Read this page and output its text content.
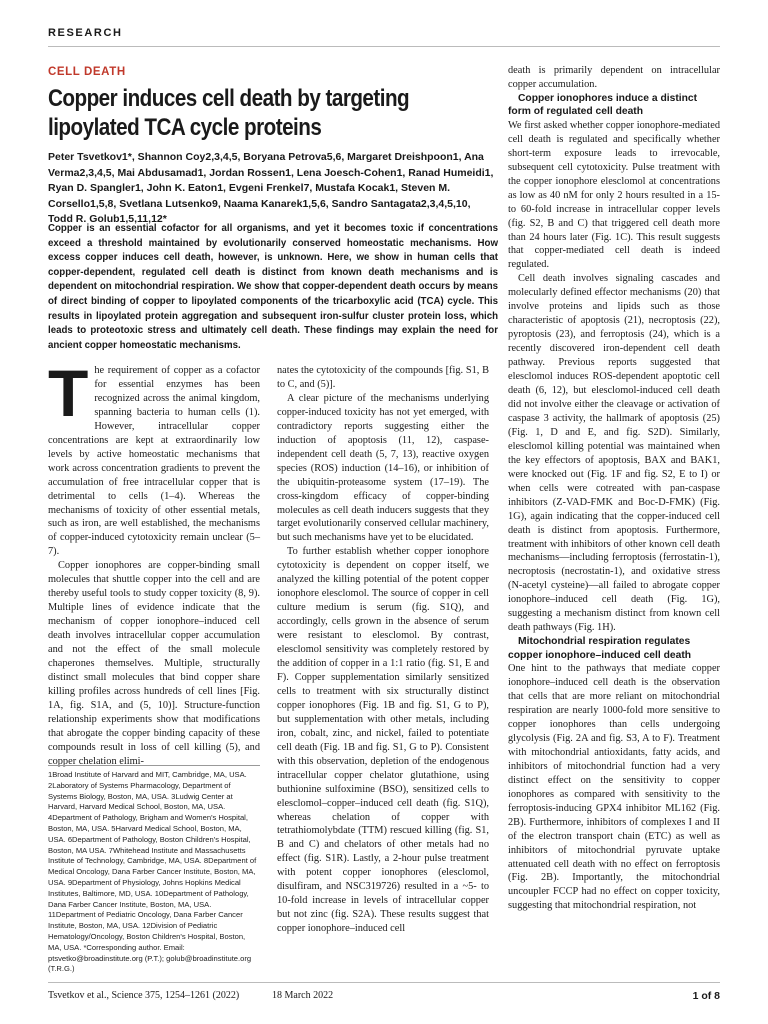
RESEARCH
CELL DEATH
Copper induces cell death by targeting lipoylated TCA cycle proteins
Peter Tsvetkov1*, Shannon Coy2,3,4,5, Boryana Petrova5,6, Margaret Dreishpoon1, Ana Verma2,3,4,5, Mai Abdusamad1, Jordan Rossen1, Lena Joesch-Cohen1, Ranad Humeidi1, Ryan D. Spangler1, John K. Eaton1, Evgeni Frenkel7, Mustafa Kocak1, Steven M. Corsello1,5,8, Svetlana Lutsenko9, Naama Kanarek1,5,6, Sandro Santagata2,3,4,5,10, Todd R. Golub1,5,11,12*
Copper is an essential cofactor for all organisms, and yet it becomes toxic if concentrations exceed a threshold maintained by evolutionarily conserved homeostatic mechanisms. How excess copper induces cell death, however, is unknown. Here, we show in human cells that copper-dependent, regulated cell death is distinct from known death mechanisms and is dependent on mitochondrial respiration. We show that copper-dependent death occurs by means of direct binding of copper to lipoylated components of the tricarboxylic acid (TCA) cycle. This results in lipoylated protein aggregation and subsequent iron-sulfur cluster protein loss, which leads to proteotoxic stress and ultimately cell death. These findings may explain the need for ancient copper homeostatic mechanisms.
T he requirement of copper as a cofactor for essential enzymes has been recognized across the animal kingdom, spanning bacteria to human cells (1). However, intracellular copper concentrations are kept at extraordinarily low levels by active homeostatic mechanisms that work across concentration gradients to prevent the accumulation of free intracellular copper that is detrimental to cells (1–4). Whereas the mechanisms of toxicity of other essential metals, such as iron, are well established, the mechanisms of copper-induced cytotoxicity remain unclear (5–7).

Copper ionophores are copper-binding small molecules that shuttle copper into the cell and are thereby useful tools to study copper toxicity (8, 9). Multiple lines of evidence indicate that the mechanism of copper ionophore–induced cell death involves intracellular copper accumulation and not the effect of the small molecule chaperones themselves. Multiple, structurally distinct small molecules that bind copper share killing profiles across hundreds of cell lines [Fig. 1A, fig. S1A, and (5, 10)]. Structure-function relationship experiments show that modifications that abrogate the copper binding capacity of these compounds result in loss of cell killing (5), and copper chelation elimi-

1Broad Institute of Harvard and MIT, Cambridge, MA, USA. 2Laboratory of Systems Pharmacology, Department of Systems Biology, Boston, MA, USA. 3Ludwig Center at Harvard, Harvard Medical School, Boston, MA, USA. 4Department of Pathology, Brigham and Women's Hospital, Boston, MA, USA. 5Harvard Medical School, Boston, MA, USA. 6Department of Pathology, Boston Children's Hospital, Boston, MA USA. 7Whitehead Institute and Massachusetts Institute of Technology, Cambridge, MA, USA. 8Department of Medical Oncology, Dana Farber Cancer Institute, Boston, MA, USA. 9Department of Physiology, Johns Hopkins Medical Institutes, Baltimore, MD, USA. 10Department of Pathology, Dana Farber Cancer Institute, Boston, MA, USA. 11Department of Pediatric Oncology, Dana Farber Cancer Institute, Boston, MA, USA. 12Division of Pediatric Hematology/Oncology, Boston Children's Hospital, Boston, MA, USA. *Corresponding author. Email: ptsvetko@broadinstitute.org (P.T.); golub@broadinstitute.org (T.R.G.)

nates the cytotoxicity of the compounds [fig. S1, B to C, and (5)].

A clear picture of the mechanisms underlying copper-induced toxicity has not yet emerged, with contradictory reports suggesting either the induction of apoptosis (11, 12), caspase-independent cell death (5, 7, 13), reactive oxygen species (ROS) induction (14–16), or inhibition of the ubiquitin-proteasome system (17–19). The cross-kingdom efficacy of copper-binding molecules as cell death inducers suggests that they target evolutionarily conserved cellular machinery, but such mechanisms have yet to be elucidated.

To further establish whether copper ionophore cytotoxicity is dependent on copper itself, we analyzed the killing potential of the potent copper ionophore elesclomol. The source of copper in cell culture medium is serum (fig. S1Q), and accordingly, cells grown in the absence of serum were resistant to elesclomol. By contrast, elesclomol sensitivity was completely restored by the addition of copper in a 1:1 ratio (fig. S1, E and F). Copper supplementation similarly sensitized cells to treatment with six structurally distinct copper ionophores (Fig. 1B and fig. S1, G to P), but supplementation with other metals, including iron, cobalt, zinc, and nickel, failed to potentiate cell death (Fig. 1B and fig. S1, G to P). Consistent with this observation, depletion of the endogenous intracellular copper chelator glutathione, using buthionine sulfoximine (BSO), sensitized cells to elesclomol–copper–induced cell death (fig. S1Q), whereas chelation of copper with tetrathiomolybdate (TTM) rescued killing (fig. S1, B and C) and chelators of other metals had no effect (fig. S1R). Lastly, a 2-hour pulse treatment with potent copper ionophores (elesclomol, disulfiram, and NSC319726) resulted in a ~5- to 10-fold increase in levels of intracellular copper but not zinc (fig. S2A). These results suggest that copper ionophore–induced cell

death is primarily dependent on intracellular copper accumulation.

Copper ionophores induce a distinct form of regulated cell death

We first asked whether copper ionophore-mediated cell death is regulated and specifically whether short-term exposure leads to irrevocable, subsequent cell cytotoxicity. Pulse treatment with the copper ionophore elesclomol at concentrations as low as 40 nM for only 2 hours resulted in a 15- to 60-fold increase in intracellular copper levels (fig. S2, B and C) that triggered cell death more than 24 hours later (Fig. 1C). This result suggests that copper-mediated cell death is indeed regulated.

Cell death involves signaling cascades and molecularly defined effector mechanisms (20) that involve proteins and lipids such as those characteristic of apoptosis (21), necroptosis (22), pyroptosis (23), and ferroptosis (24), which is a recently discovered iron-dependent cell death pathway. Previous reports suggested that elesclomol induces ROS-dependent apoptotic cell death (6, 12), but elesclomol-induced cell death did not involve either the cleavage or activation of caspase 3 activity, the hallmark of apoptosis (25) (Fig. 1, D and E, and fig. S2D). Similarly, elesclomol killing potential was maintained when the key effectors of apoptosis, BAX and BAK1, were knocked out (Fig. 1F and fig. S2, E to I) or when cells were cotreated with pan-caspase inhibitors (Z-VAD-FMK and Boc-D-FMK) (Fig. 1G), again indicating that the copper-induced cell death is distinct from apoptosis. Furthermore, treatment with inhibitors of other known cell death mechanisms—including ferroptosis (ferrostatin-1), necroptosis (necrostatin-1), and oxidative stress (N-acetyl cysteine)—all failed to abrogate copper ionophore–induced cell death (Fig. 1G), suggesting a mechanism distinct from known cell death pathways (Fig. 1H).

Mitochondrial respiration regulates copper ionophore–induced cell death

One hint to the pathways that mediate copper ionophore–induced cell death is the observation that cells that are more reliant on mitochondrial respiration are nearly 1000-fold more sensitive to copper ionophores than cells undergoing glycolysis (Fig. 2A and fig. S3, A to F). Treatment with mitochondrial antioxidants, fatty acids, and inhibitors of mitochondrial function had a very distinct effect on the sensitivity to copper ionophores as compared with sensitivity to the ferroptosis-inducing GPX4 inhibitor ML162 (Fig. 2B). Furthermore, inhibitors of complexes I and II of the electron transport chain (ETC) as well as inhibitors of mitochondrial pyruvate uptake attenuated cell death with no effect on ferroptosis (Fig. 2B). Importantly, the mitochondrial uncoupler FCCP had no effect on copper toxicity, suggesting that mitochondrial respiration, not

Tsvetkov et al., Science 375, 1254–1261 (2022)	18 March 2022	1 of 8
